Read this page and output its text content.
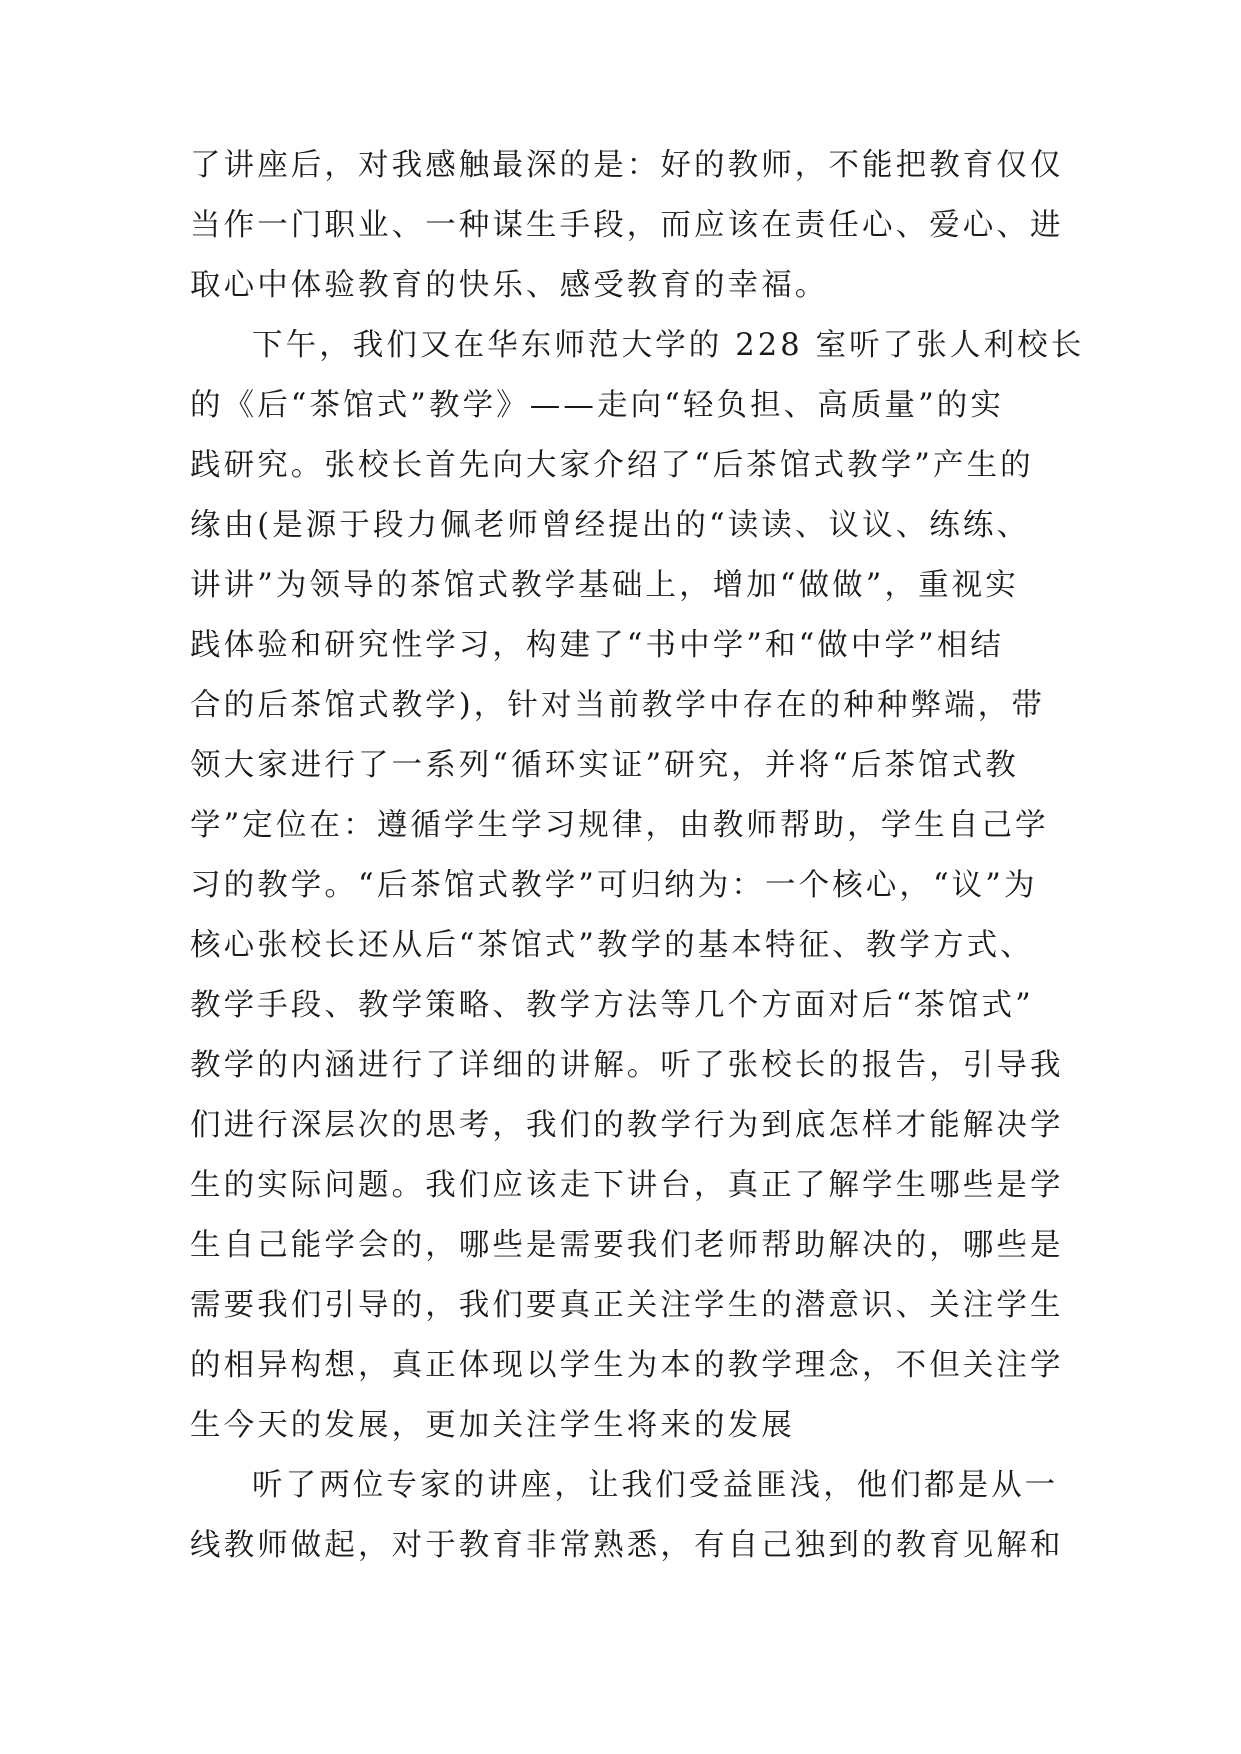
了讲座后，对我感触最深的是：好的教师，不能把教育仅仅

当作一门职业、一种谋生手段，而应该在责任心、爱心、进

取心中体验教育的快乐、感受教育的幸福。

下午，我们又在华东师范大学的 228 室听了张人利校长

的《后“茶馆式”教学》——走向“轻负担、高质量”的实

践研究。张校长首先向大家介绍了“后茶馆式教学”产生的

缘由(是源于段力佩老师曾经提出的“读读、议议、练练、

讲讲”为领导的茶馆式教学基础上，增加“做做”，重视实

践体验和研究性学习，构建了“书中学”和“做中学”相结

合的后茶馆式教学)，针对当前教学中存在的种种弊端，带

领大家进行了一系列“循环实证”研究，并将“后茶馆式教

学”定位在：遵循学生学习规律，由教师帮助，学生自己学

习的教学。“后茶馆式教学”可归纳为：一个核心，“议”为

核心张校长还从后“茶馆式”教学的基本特征、教学方式、

教学手段、教学策略、教学方法等几个方面对后“茶馆式”

教学的内涵进行了详细的讲解。听了张校长的报告，引导我

们进行深层次的思考，我们的教学行为到底怎样才能解决学

生的实际问题。我们应该走下讲台，真正了解学生哪些是学

生自己能学会的，哪些是需要我们老师帮助解决的，哪些是

需要我们引导的，我们要真正关注学生的潜意识、关注学生

的相异构想，真正体现以学生为本的教学理念，不但关注学

生今天的发展，更加关注学生将来的发展

听了两位专家的讲座，让我们受益匪浅，他们都是从一

线教师做起，对于教育非常熟悉，有自己独到的教育见解和
